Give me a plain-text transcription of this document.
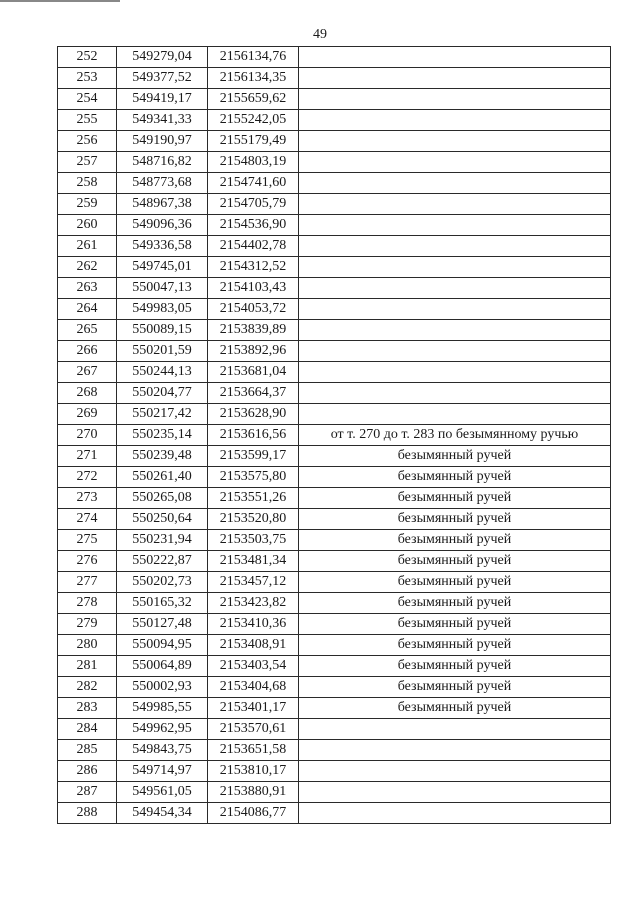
49
252	549279,04	2156134,76	
253	549377,52	2156134,35	
254	549419,17	2155659,62	
255	549341,33	2155242,05	
256	549190,97	2155179,49	
257	548716,82	2154803,19	
258	548773,68	2154741,60	
259	548967,38	2154705,79	
260	549096,36	2154536,90	
261	549336,58	2154402,78	
262	549745,01	2154312,52	
263	550047,13	2154103,43	
264	549983,05	2154053,72	
265	550089,15	2153839,89	
266	550201,59	2153892,96	
267	550244,13	2153681,04	
268	550204,77	2153664,37	
269	550217,42	2153628,90	
270	550235,14	2153616,56	от т. 270 до т. 283 по безымянному ручью
271	550239,48	2153599,17	безымянный ручей
272	550261,40	2153575,80	безымянный ручей
273	550265,08	2153551,26	безымянный ручей
274	550250,64	2153520,80	безымянный ручей
275	550231,94	2153503,75	безымянный ручей
276	550222,87	2153481,34	безымянный ручей
277	550202,73	2153457,12	безымянный ручей
278	550165,32	2153423,82	безымянный ручей
279	550127,48	2153410,36	безымянный ручей
280	550094,95	2153408,91	безымянный ручей
281	550064,89	2153403,54	безымянный ручей
282	550002,93	2153404,68	безымянный ручей
283	549985,55	2153401,17	безымянный ручей
284	549962,95	2153570,61	
285	549843,75	2153651,58	
286	549714,97	2153810,17	
287	549561,05	2153880,91	
288	549454,34	2154086,77	
